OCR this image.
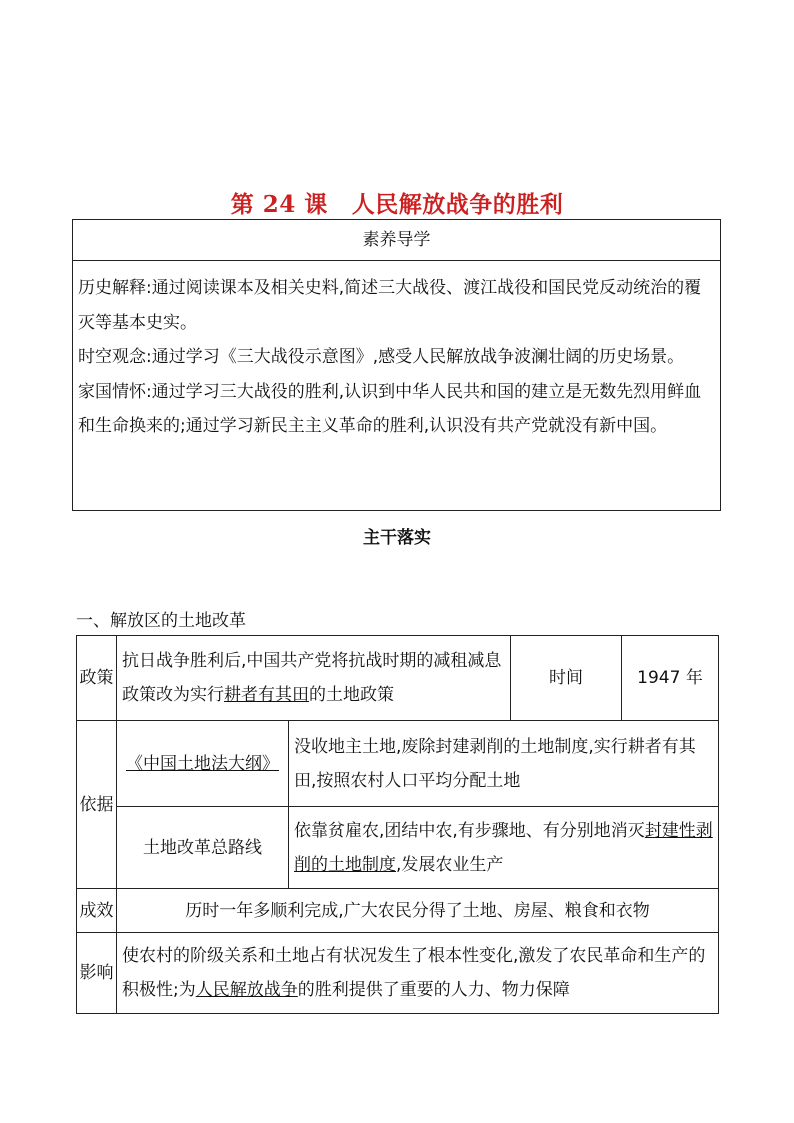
第 24 课 人民解放战争的胜利
素养导学

历史解释:通过阅读课本及相关史料,简述三大战役、渡江战役和国民党反动统治的覆灭等基本史实。

时空观念:通过学习《三大战役示意图》,感受人民解放战争波澜壮阔的历史场景。

家国情怀:通过学习三大战役的胜利,认识到中华人民共和国的建立是无数先烈用鲜血和生命换来的;通过学习新民主主义革命的胜利,认识没有共产党就没有新中国。

主干落实
一、解放区的土地改革
政策	抗日战争胜利后,中国共产党将抗战时期的减租减息政策改为实行耕者有其田的土地政策		时间	1947 年
依据	《中国土地法大纲》	没收地主土地,废除封建剥削的土地制度,实行耕者有其田,按照农村人口平均分配土地		
	土地改革总路线	依靠贫雇农,团结中农,有步骤地、有分别地消灭封建性剥削的土地制度,发展农业生产		
成效	历时一年多顺利完成,广大农民分得了土地、房屋、粮食和衣物			
影响	使农村的阶级关系和土地占有状况发生了根本性变化,激发了农民革命和生产的积极性;为人民解放战争的胜利提供了重要的人力、物力保障			
